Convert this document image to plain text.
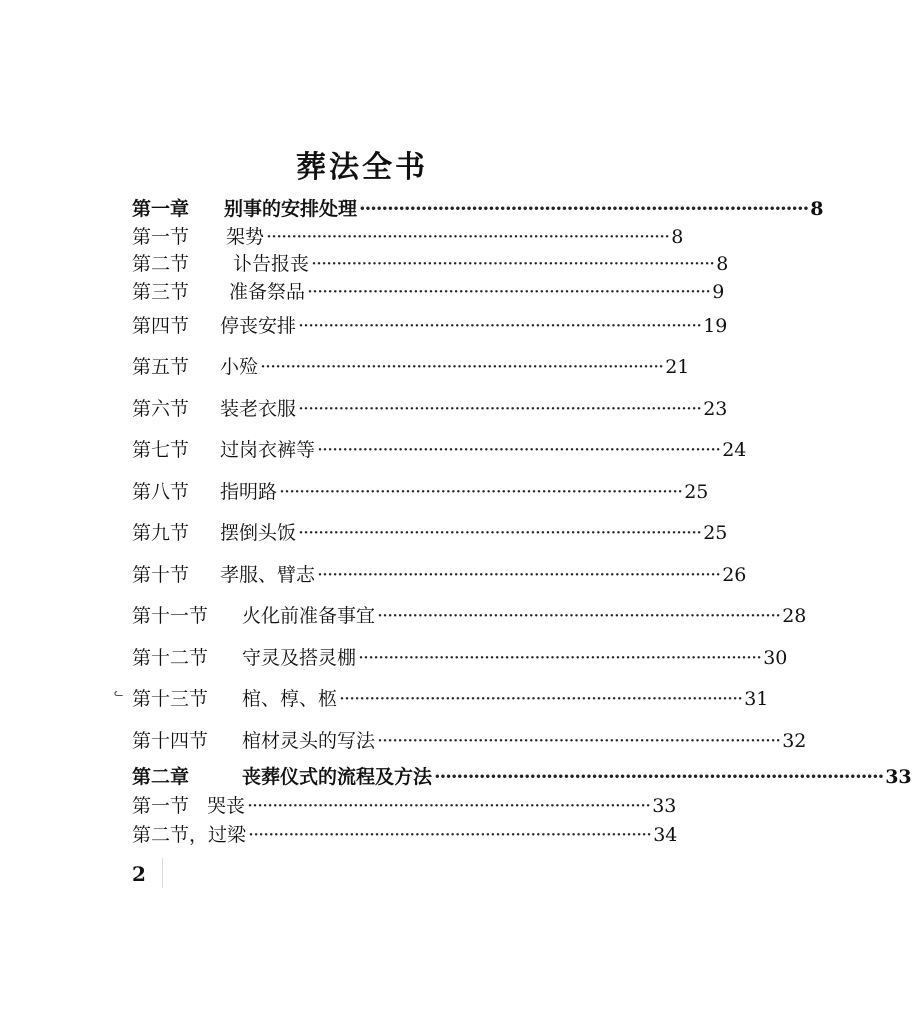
葬法全书
第一章	别事的安排处理 ················································································ 8
第一节	架势 ················································································ 8
第二节	讣告报丧 ················································································ 8
第三节	准备祭品 ················································································ 9
第四节	停丧安排 ················································································ 19
第五节	小殓 ················································································ 21
第六节	装老衣服 ················································································ 23
第七节	过岗衣裤等 ················································································ 24
第八节	指明路 ················································································ 25
第九节	摆倒头饭 ················································································ 25
第十节	孝服、臂志 ················································································ 26
第十一节	火化前准备事宜 ················································································ 28
第十二节	守灵及搭灵棚 ················································································ 30
第十三节	棺、椁、柩 ················································································ 31
第十四节	棺材灵头的写法 ················································································ 32
第二章	丧葬仪式的流程及方法 ················································································ 33
第一节 哭丧 ················································································ 33
第二节， 过梁 ················································································ 34
ᓚ
2
